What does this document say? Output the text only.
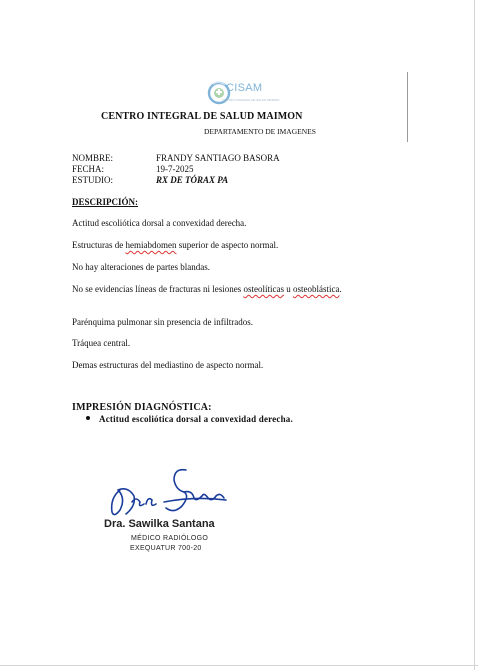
CISAM
CENTRO INTEGRAL DE SALUD MAIMON
CENTRO INTEGRAL DE SALUD MAIMON
DEPARTAMENTO DE IMAGENES
NOMBRE:	FRANDY SANTIAGO BASORA
FECHA:	19-7-2025
ESTUDIO:	RX DE TÓRAX PA
DESCRIPCIÓN:
Actitud escoliótica dorsal a convexidad derecha.
Estructuras de hemiabdomen superior de aspecto normal.
No hay alteraciones de partes blandas.
No se evidencias líneas de fracturas ni lesiones osteolíticas u osteoblástica.
Parénquima pulmonar sin presencia de infiltrados.
Tráquea central.
Demas estructuras del mediastino de aspecto normal.
IMPRESIÓN DIAGNÓSTICA:
Actitud escoliótica dorsal a convexidad derecha.
Dra. Sawilka Santana
MÉDICO RADIÓLOGO
EXEQUATUR 700-20
